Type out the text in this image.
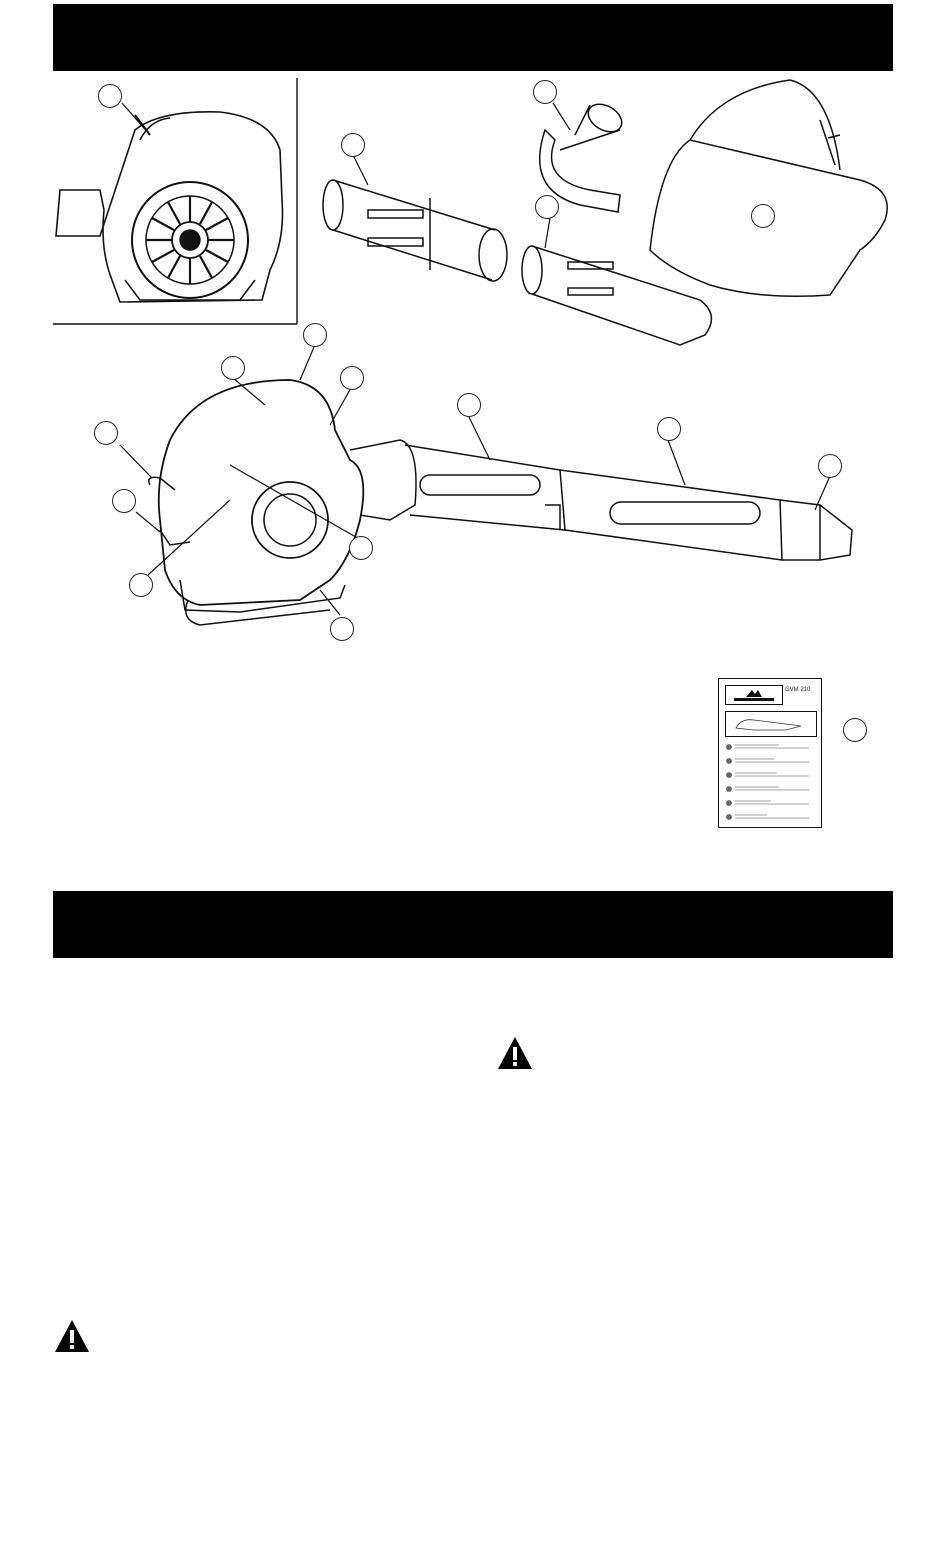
GVM 210
